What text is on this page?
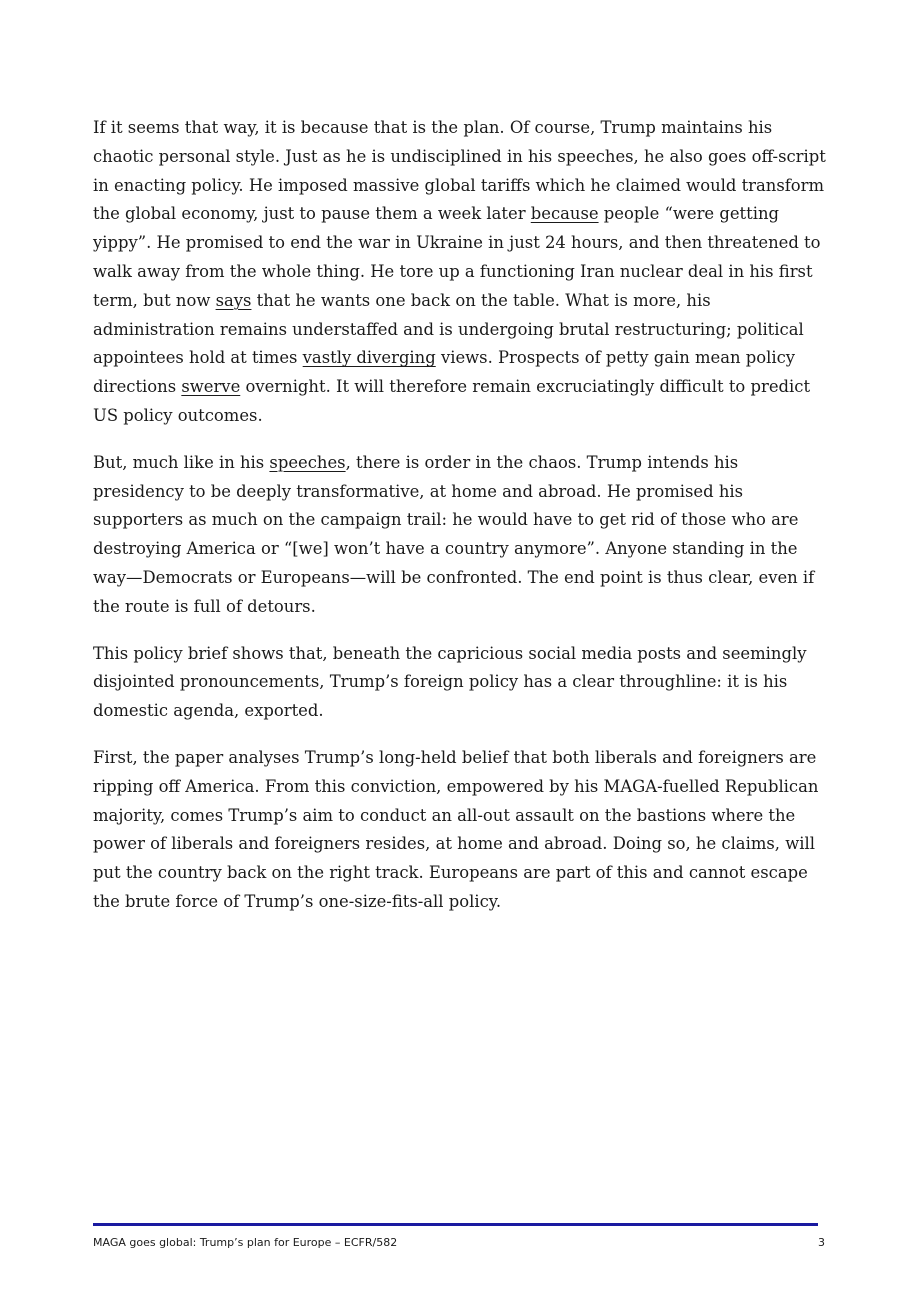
If it seems that way, it is because that is the plan. Of course, Trump maintains his chaotic personal style. Just as he is undisciplined in his speeches, he also goes off-script in enacting policy. He imposed massive global tariffs which he claimed would transform the global economy, just to pause them a week later because people “were getting yippy”. He promised to end the war in Ukraine in just 24 hours, and then threatened to walk away from the whole thing. He tore up a functioning Iran nuclear deal in his first term, but now says that he wants one back on the table. What is more, his administration remains understaffed and is undergoing brutal restructuring; political appointees hold at times vastly diverging views. Prospects of petty gain mean policy directions swerve overnight. It will therefore remain excruciatingly difficult to predict US policy outcomes.

But, much like in his speeches, there is order in the chaos. Trump intends his presidency to be deeply transformative, at home and abroad. He promised his supporters as much on the campaign trail: he would have to get rid of those who are destroying America or “[we] won’t have a country anymore”. Anyone standing in the way—Democrats or Europeans—will be confronted. The end point is thus clear, even if the route is full of detours.

This policy brief shows that, beneath the capricious social media posts and seemingly disjointed pronouncements, Trump’s foreign policy has a clear throughline: it is his domestic agenda, exported.

First, the paper analyses Trump’s long-held belief that both liberals and foreigners are ripping off America. From this conviction, empowered by his MAGA-fuelled Republican majority, comes Trump’s aim to conduct an all-out assault on the bastions where the power of liberals and foreigners resides, at home and abroad. Doing so, he claims, will put the country back on the right track. Europeans are part of this and cannot escape the brute force of Trump’s one-size-fits-all policy.

MAGA goes global: Trump’s plan for Europe – ECFR/582	3
